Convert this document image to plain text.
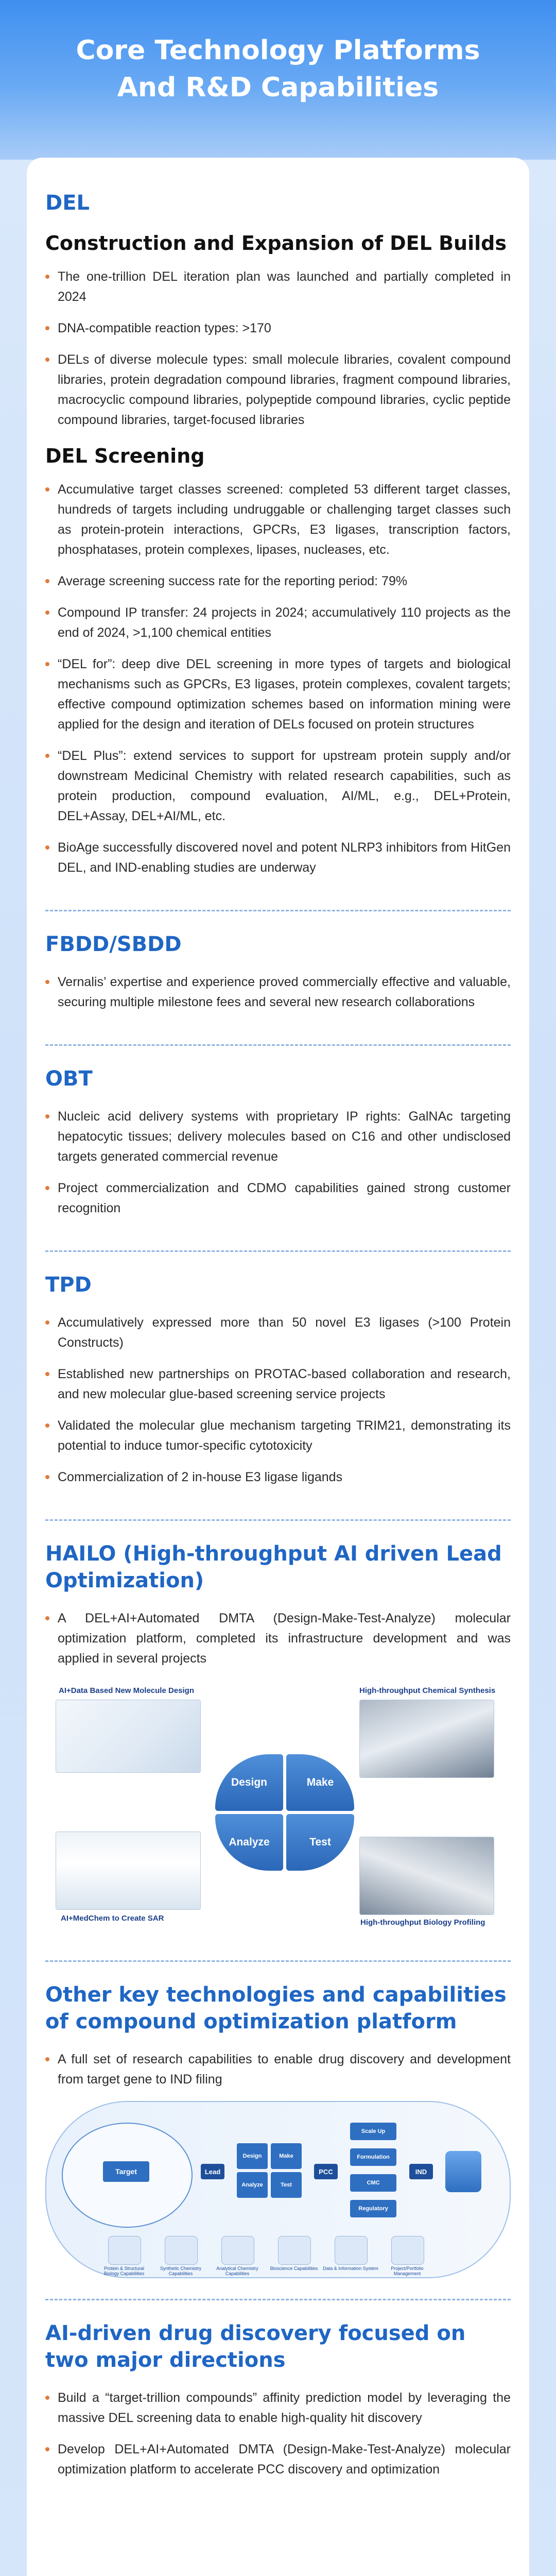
Core Technology Platforms And R&D Capabilities
DEL
Construction and Expansion of DEL Builds
The one-trillion DEL iteration plan was launched and partially completed in 2024
DNA-compatible reaction types: >170
DELs of diverse molecule types: small molecule libraries, covalent compound libraries, protein degradation compound libraries, fragment compound libraries, macrocyclic compound libraries, polypeptide compound libraries, cyclic peptide compound libraries, target-focused libraries
DEL Screening
Accumulative target classes screened: completed 53 different target classes, hundreds of targets including undruggable or challenging target classes such as protein-protein interactions, GPCRs, E3 ligases, transcription factors, phosphatases, protein complexes, lipases, nucleases, etc.
Average screening success rate for the reporting period: 79%
Compound IP transfer: 24 projects in 2024; accumulatively 110 projects as the end of 2024, >1,100 chemical entities
“DEL for”: deep dive DEL screening in more types of targets and biological mechanisms such as GPCRs, E3 ligases, protein complexes, covalent targets; effective compound optimization schemes based on information mining were applied for the design and iteration of DELs focused on protein structures
“DEL Plus”: extend services to support for upstream protein supply and/or downstream Medicinal Chemistry with related research capabilities, such as protein production, compound evaluation, AI/ML, e.g., DEL+Protein, DEL+Assay, DEL+AI/ML, etc.
BioAge successfully discovered novel and potent NLRP3 inhibitors from HitGen DEL, and IND-enabling studies are underway
FBDD/SBDD
Vernalis’ expertise and experience proved commercially effective and valuable, securing multiple milestone fees and several new research collaborations
OBT
Nucleic acid delivery systems with proprietary IP rights: GalNAc targeting hepatocytic tissues; delivery molecules based on C16 and other undisclosed targets generated commercial revenue
Project commercialization and CDMO capabilities gained strong customer recognition
TPD
Accumulatively expressed more than 50 novel E3 ligases (>100 Protein Constructs)
Established new partnerships on PROTAC-based collaboration and research, and new molecular glue-based screening service projects
Validated the molecular glue mechanism targeting TRIM21, demonstrating its potential to induce tumor-specific cytotoxicity
Commercialization of 2 in-house E3 ligase ligands
HAILO (High-throughput AI driven Lead Optimization)
A DEL+AI+Automated DMTA (Design-Make-Test-Analyze) molecular optimization platform, completed its infrastructure development and was applied in several projects
AI+Data Based New Molecule Design	High-throughput Chemical Synthesis
AI+MedChem to Create SAR	High-throughput Biology Profiling
Design	Make
Analyze	Test
Other key technologies and capabilities of compound optimization platform
A full set of research capabilities to enable drug discovery and development from target gene to IND filing
Target	Lead
Design	Make
Analyze	Test
PCC
Scale Up
Formulation
CMC
Regulatory
IND
Protein & Structural Biology Capabilities
Synthetic Chemistry Capabilities
Analytical Chemistry Capabilities
Bioscience Capabilities	Data & Information System	Project/Portfolio Management
AI-driven drug discovery focused on two major directions
Build a “target-trillion compounds” affinity prediction model by leveraging the massive DEL screening data to enable high-quality hit discovery
Develop DEL+AI+Automated DMTA (Design-Make-Test-Analyze) molecular optimization platform to accelerate PCC discovery and optimization
